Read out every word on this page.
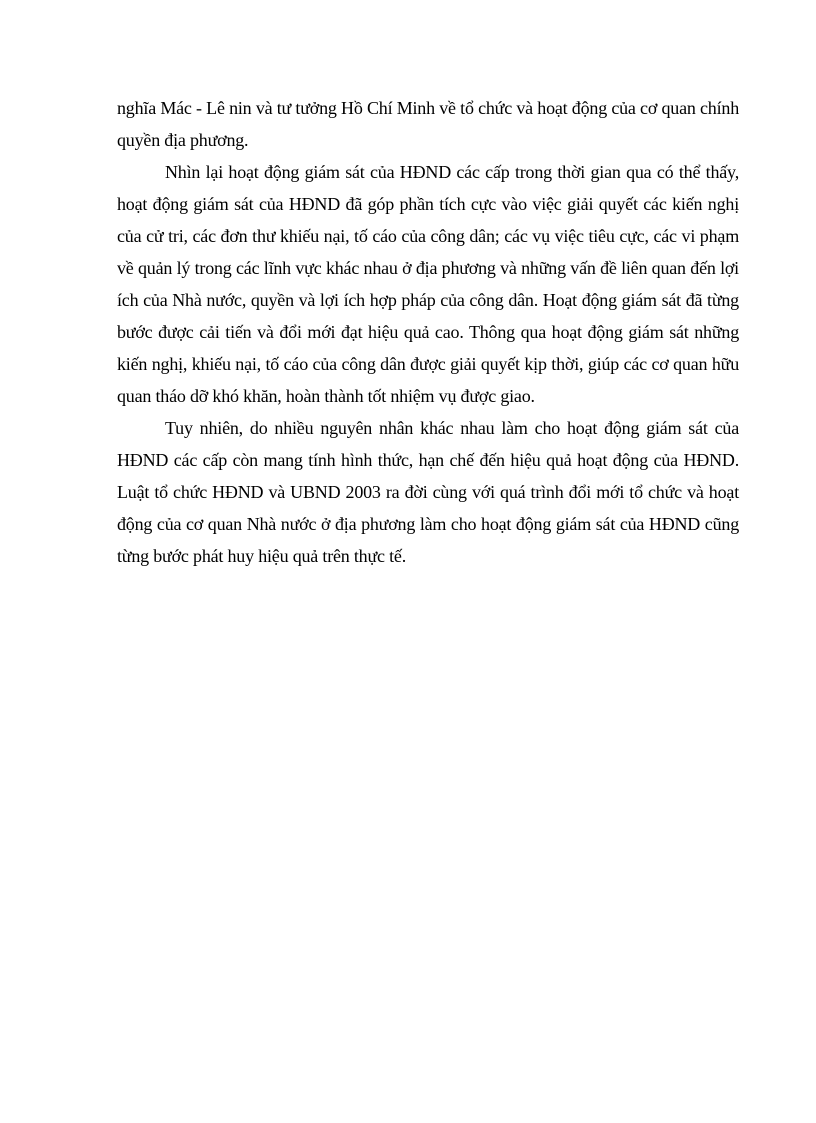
nghĩa Mác - Lê nin và tư tưởng Hồ Chí Minh về tổ chức và hoạt động của cơ quan chính quyền địa phương.

Nhìn lại hoạt động giám sát của HĐND các cấp trong thời gian qua có thể thấy, hoạt động giám sát của HĐND đã góp phần tích cực vào việc giải quyết các kiến nghị của cử tri, các đơn thư khiếu nại, tố cáo của công dân; các vụ việc tiêu cực, các vi phạm về quản lý trong các lĩnh vực khác nhau ở địa phương và những vấn đề liên quan đến lợi ích của Nhà nước, quyền và lợi ích hợp pháp của công dân. Hoạt động giám sát đã từng bước được cải tiến và đổi mới đạt hiệu quả cao. Thông qua hoạt động giám sát những kiến nghị, khiếu nại, tố cáo của công dân được giải quyết kịp thời, giúp các cơ quan hữu quan tháo dỡ khó khăn, hoàn thành tốt nhiệm vụ được giao.

Tuy nhiên, do nhiều nguyên nhân khác nhau làm cho hoạt động giám sát của HĐND các cấp còn mang tính hình thức, hạn chế đến hiệu quả hoạt động của HĐND. Luật tổ chức HĐND và UBND 2003 ra đời cùng với quá trình đổi mới tổ chức và hoạt động của cơ quan Nhà nước ở địa phương làm cho hoạt động giám sát của HĐND cũng từng bước phát huy hiệu quả trên thực tế.
